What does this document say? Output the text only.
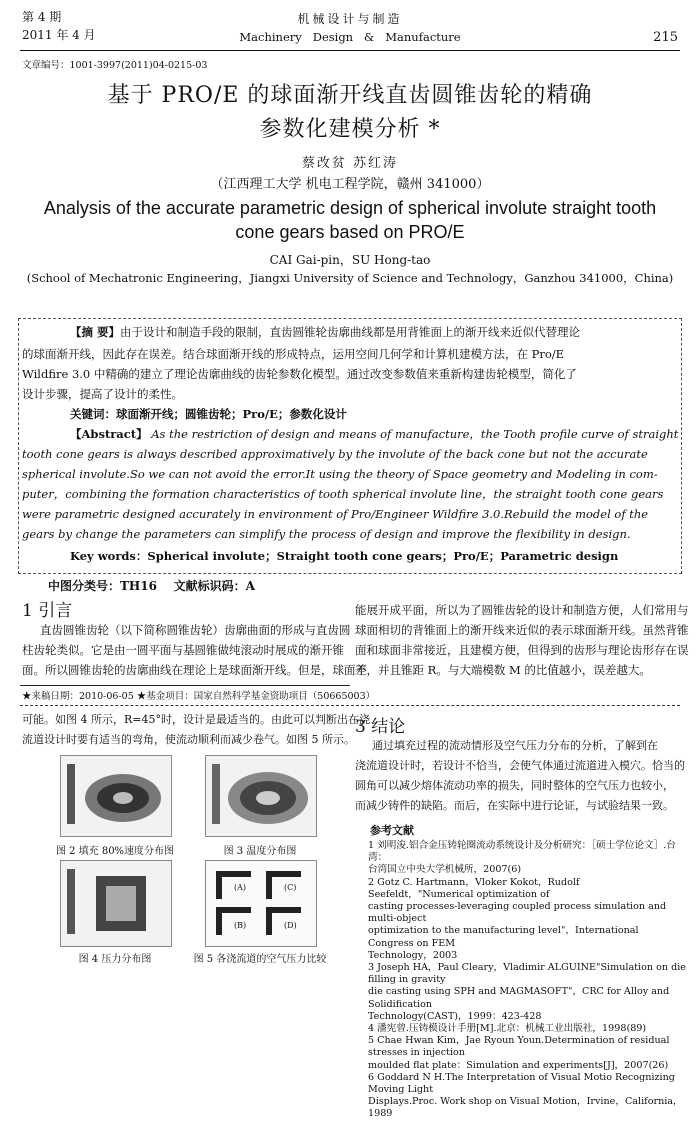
第 4 期
2011 年 4 月
机械设计与制造
Machinery   Design   &   Manufacture	215
文章编号：1001-3997(2011)04-0215-03
基于 PRO/E 的球面渐开线直齿圆锥齿轮的精确
参数化建模分析 *
蔡改贫 苏红涛
（江西理工大学 机电工程学院，赣州 341000）
Analysis of the accurate parametric design of spherical involute straight tooth
cone gears based on PRO/E
CAI Gai-pin，SU Hong-tao
(School of Mechatronic Engineering，Jiangxi University of Science and Technology，Ganzhou 341000，China)
【摘 要】由于设计和制造手段的限制，直齿圆锥轮齿廓曲线都是用背锥面上的渐开线来近似代替理论
的球面渐开线，因此存在误差。结合球面渐开线的形成特点，运用空间几何学和计算机建模方法，在 Pro/E
Wildfire 3.0 中精确的建立了理论齿廓曲线的齿轮参数化模型。通过改变参数值来重新构建齿轮模型，简化了
设计步骤，提高了设计的柔性。
关键词：球面渐开线；圆锥齿轮；Pro/E；参数化设计
【Abstract】 As the restriction of design and means of manufacture，the Tooth profile curve of straight
tooth cone gears is always described approximatively by the involute of the back cone but not the accurate
spherical involute.So we can not avoid the error.It using the theory of Space geometry and Modeling in com-
puter，combining the formation characteristics of tooth spherical involute line，the straight tooth cone gears
were parametric designed accurately in environment of Pro/Engineer Wildfire 3.0.Rebuild the model of the
gears by change the parameters can simplify the process of design and improve the flexibility in design.
Key words：Spherical involute；Straight tooth cone gears；Pro/E；Parametric design
中图分类号：TH16    文献标识码：A
1 引言
直齿圆锥齿轮（以下简称圆锥齿轮）齿廓曲面的形成与直齿圆
柱齿轮类似。它是由一圆平面与基圆锥做纯滚动时展成的渐开锥
面。所以圆锥齿轮的齿廓曲线在理论上是球面渐开线。但是，球面不
能展开成平面，所以为了圆锥齿轮的设计和制造方便，人们常用与
球面相切的背锥面上的渐开线来近似的表示球面渐开线。虽然背锥
面和球面非常接近，且建模方便，但得到的齿形与理论齿形存在误
差，并且锥距 R。与大端模数 M 的比值越小，误差越大。
★来稿日期：2010-06-05 ★基金项目：国家自然科学基金资助项目（50665003）
可能。如图 4 所示，R=45°时，设计是最适当的。由此可以判断出在浇
流道设计时要有适当的弯角，使流动顺利而减少卷气。如图 5 所示。
图 2 填充 80%速度分布图	图 3 温度分布图
(A)	(C)
(B)	(D)
图 4 压力分布图	图 5 各浇流道的空气压力比较
3 结论
通过填充过程的流动情形及空气压力分布的分析，了解到在
浇流道设计时，若设计不恰当，会使气体通过流道进入模穴。恰当的
圆角可以减少熔体流动功率的损失，同时整体的空气压力也较小，
而减少铸件的缺陷。而后，在实际中进行论证，与试验结果一致。
参考文献

1 刘明浚.铝合金压铸轮圈流动系统设计及分析研究：［硕士学位论文］.台湾：

台湾国立中央大学机械所，2007(6)

2 Gotz C. Hartmann，Vloker Kokot，Rudolf Seefeldt，"Numerical optimization of

casting processes-leveraging coupled process simulation and multi-object

optimization to the manufacturing level"，International Congress on FEM

Technology，2003

3 Joseph HA，Paul Cleary，Vladimir ALGUINE"Simulation on die filling in gravity

die casting using SPH and MAGMASOFT"，CRC for Alloy and Solidification

Technology(CAST)，1999：423-428

4 潘宪曾.压铸模设计手册[M].北京：机械工业出版社，1998(89)

5 Chae Hwan Kim，Jae Ryoun Youn.Determination of residual stresses in injection

moulded flat plate：Simulation and experiments[J]，2007(26)

6 Goddard N H.The Interpretation of Visual Motio Recognizing Moving Light

Displays.Proc. Work shop on Visual Motion，Irvine，California，1989
